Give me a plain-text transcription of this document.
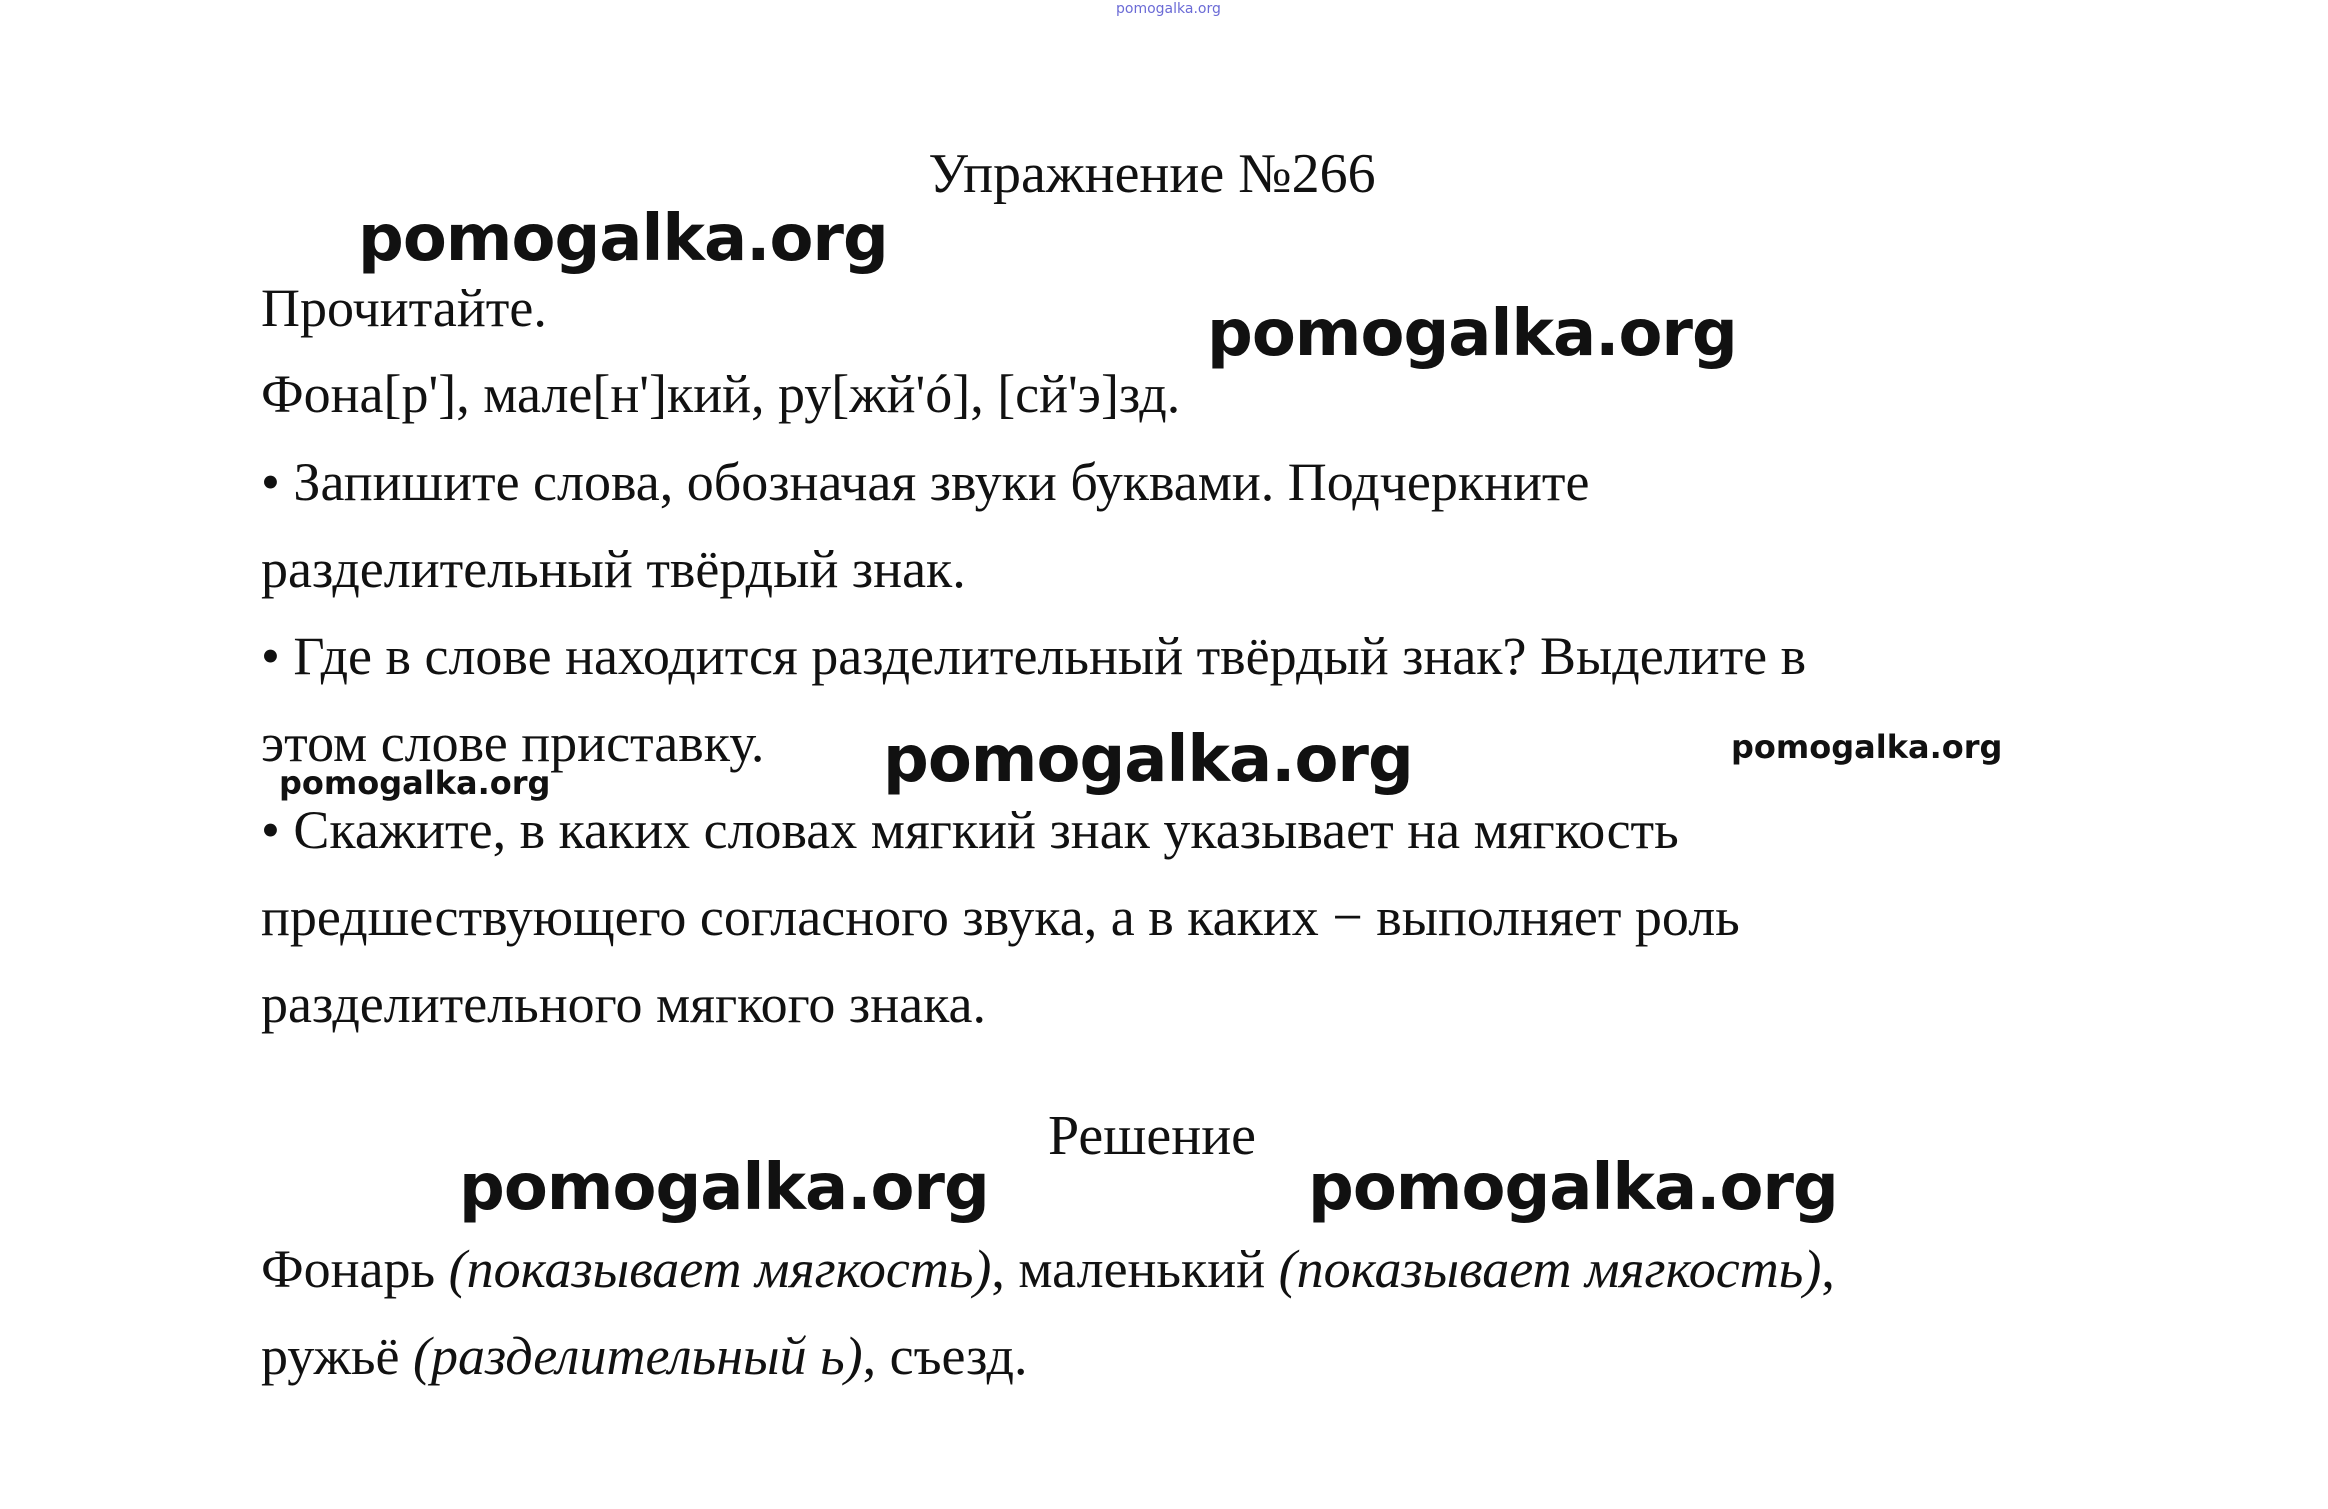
pomogalka.org
Упражнение №266
Прочитайте.
Фона[р'], мале[н']кий, ру[жй'ó], [сй'э]зд.
• Запишите слова, обозначая звуки буквами. Подчеркните
разделительный твёрдый знак.
• Где в слове находится разделительный твёрдый знак? Выделите в
этом слове приставку.
• Скажите, в каких словах мягкий знак указывает на мягкость
предшествующего согласного звука, а в каких − выполняет роль
разделительного мягкого знака.
Решение
Фонарь (показывает мягкость), маленький (показывает мягкость),
ружьё (разделительный ь), съезд.
pomogalka.org
pomogalka.org
pomogalka.org	pomogalka.org
pomogalka.org
pomogalka.org	pomogalka.org
